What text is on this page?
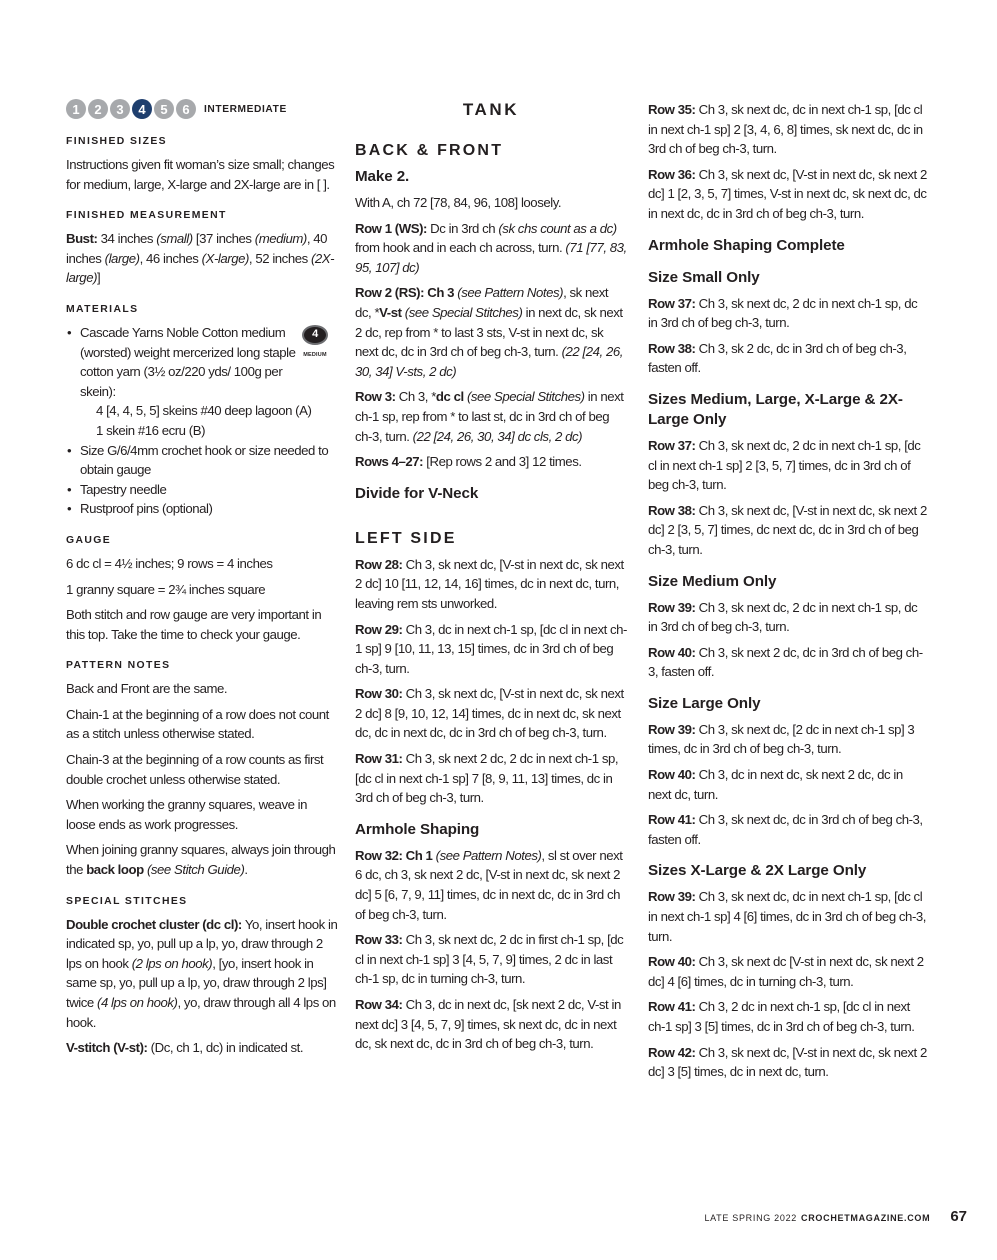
1	2	3	4	5	6	INTERMEDIATE
FINISHED SIZES

Instructions given fit woman’s size small; changes for medium, large, X-large and 2X-large are in [ ].

FINISHED MEASUREMENT

Bust: 34 inches (small) [37 inches (medium), 40 inches (large), 46 inches (X-large), 52 inches (2X-large)]

MATERIALS
• Cascade Yarns Noble Cotton medium (worsted) weight mercerized long staple cotton yarn (3½ oz/220 yds/ 100g per skein):
4
MEDIUM
4 [4, 4, 5, 5] skeins #40 deep lagoon (A)
1 skein #16 ecru (B)
• Size G/6/4mm crochet hook or size needed to obtain gauge
• Tapestry needle
• Rustproof pins (optional)
GAUGE

6 dc cl = 4½ inches; 9 rows = 4 inches

1 granny square = 2¾ inches square

Both stitch and row gauge are very important in this top. Take the time to check your gauge.

PATTERN NOTES

Back and Front are the same.

Chain-1 at the beginning of a row does not count as a stitch unless otherwise stated.

Chain-3 at the beginning of a row counts as first double crochet unless otherwise stated.

When working the granny squares, weave in loose ends as work progresses.

When joining granny squares, always join through the back loop (see Stitch Guide).

SPECIAL STITCHES

Double crochet cluster (dc cl): Yo, insert hook in indicated sp, yo, pull up a lp, yo, draw through 2 lps on hook (2 lps on hook), [yo, insert hook in same sp, yo, pull up a lp, yo, draw through 2 lps] twice (4 lps on hook), yo, draw through all 4 lps on hook.

V-stitch (V-st): (Dc, ch 1, dc) in indicated st.

TANK
BACK & FRONT
Make 2.

With A, ch 72 [78, 84, 96, 108] loosely.

Row 1 (WS): Dc in 3rd ch (sk chs count as a dc) from hook and in each ch across, turn. (71 [77, 83, 95, 107] dc)

Row 2 (RS): Ch 3 (see Pattern Notes), sk next dc, *V-st (see Special Stitches) in next dc, sk next 2 dc, rep from * to last 3 sts, V-st in next dc, sk next dc, dc in 3rd ch of beg ch-3, turn. (22 [24, 26, 30, 34] V-sts, 2 dc)

Row 3: Ch 3, *dc cl (see Special Stitches) in next ch-1 sp, rep from * to last st, dc in 3rd ch of beg ch-3, turn. (22 [24, 26, 30, 34] dc cls, 2 dc)

Rows 4–27: [Rep rows 2 and 3] 12 times.

Divide for V-Neck
LEFT SIDE

Row 28: Ch 3, sk next dc, [V-st in next dc, sk next 2 dc] 10 [11, 12, 14, 16] times, dc in next dc, turn, leaving rem sts unworked.

Row 29: Ch 3, dc in next ch-1 sp, [dc cl in next ch-1 sp] 9 [10, 11, 13, 15] times, dc in 3rd ch of beg ch-3, turn.

Row 30: Ch 3, sk next dc, [V-st in next dc, sk next 2 dc] 8 [9, 10, 12, 14] times, dc in next dc, sk next dc, dc in next dc, dc in 3rd ch of beg ch-3, turn.

Row 31: Ch 3, sk next 2 dc, 2 dc in next ch-1 sp, [dc cl in next ch-1 sp] 7 [8, 9, 11, 13] times, dc in 3rd ch of beg ch-3, turn.

Armhole Shaping

Row 32: Ch 1 (see Pattern Notes), sl st over next 6 dc, ch 3, sk next 2 dc, [V-st in next dc, sk next 2 dc] 5 [6, 7, 9, 11] times, dc in next dc, dc in 3rd ch of beg ch-3, turn.

Row 33: Ch 3, sk next dc, 2 dc in first ch-1 sp, [dc cl in next ch-1 sp] 3 [4, 5, 7, 9] times, 2 dc in last ch-1 sp, dc in turning ch-3, turn.

Row 34: Ch 3, dc in next dc, [sk next 2 dc, V-st in next dc] 3 [4, 5, 7, 9] times, sk next dc, dc in next dc, sk next dc, dc in 3rd ch of beg ch-3, turn.

Row 35: Ch 3, sk next dc, dc in next ch-1 sp, [dc cl in next ch-1 sp] 2 [3, 4, 6, 8] times, sk next dc, dc in 3rd ch of beg ch-3, turn.

Row 36: Ch 3, sk next dc, [V-st in next dc, sk next 2 dc] 1 [2, 3, 5, 7] times, V-st in next dc, sk next dc, dc in next dc, dc in 3rd ch of beg ch-3, turn.

Armhole Shaping Complete
Size Small Only

Row 37: Ch 3, sk next dc, 2 dc in next ch-1 sp, dc in 3rd ch of beg ch-3, turn.

Row 38: Ch 3, sk 2 dc, dc in 3rd ch of beg ch-3, fasten off.

Sizes Medium, Large, X-Large & 2X-Large Only

Row 37: Ch 3, sk next dc, 2 dc in next ch-1 sp, [dc cl in next ch-1 sp] 2 [3, 5, 7] times, dc in 3rd ch of beg ch-3, turn.

Row 38: Ch 3, sk next dc, [V-st in next dc, sk next 2 dc] 2 [3, 5, 7] times, dc next dc, dc in 3rd ch of beg ch-3, turn.

Size Medium Only

Row 39: Ch 3, sk next dc, 2 dc in next ch-1 sp, dc in 3rd ch of beg ch-3, turn.

Row 40: Ch 3, sk next 2 dc, dc in 3rd ch of beg ch-3, fasten off.

Size Large Only

Row 39: Ch 3, sk next dc, [2 dc in next ch-1 sp] 3 times, dc in 3rd ch of beg ch-3, turn.

Row 40: Ch 3, dc in next dc, sk next 2 dc, dc in next dc, turn.

Row 41: Ch 3, sk next dc, dc in 3rd ch of beg ch-3, fasten off.

Sizes X-Large & 2X Large Only

Row 39: Ch 3, sk next dc, dc in next ch-1 sp, [dc cl in next ch-1 sp] 4 [6] times, dc in 3rd ch of beg ch-3, turn.

Row 40: Ch 3, sk next dc [V-st in next dc, sk next 2 dc] 4 [6] times, dc in turning ch-3, turn.

Row 41: Ch 3, 2 dc in next ch-1 sp, [dc cl in next ch-1 sp] 3 [5] times, dc in 3rd ch of beg ch-3, turn.

Row 42: Ch 3, sk next dc, [V-st in next dc, sk next 2 dc] 3 [5] times, dc in next dc, turn.

LATE SPRING 2022 CROCHETMAGAZINE.COM 67
